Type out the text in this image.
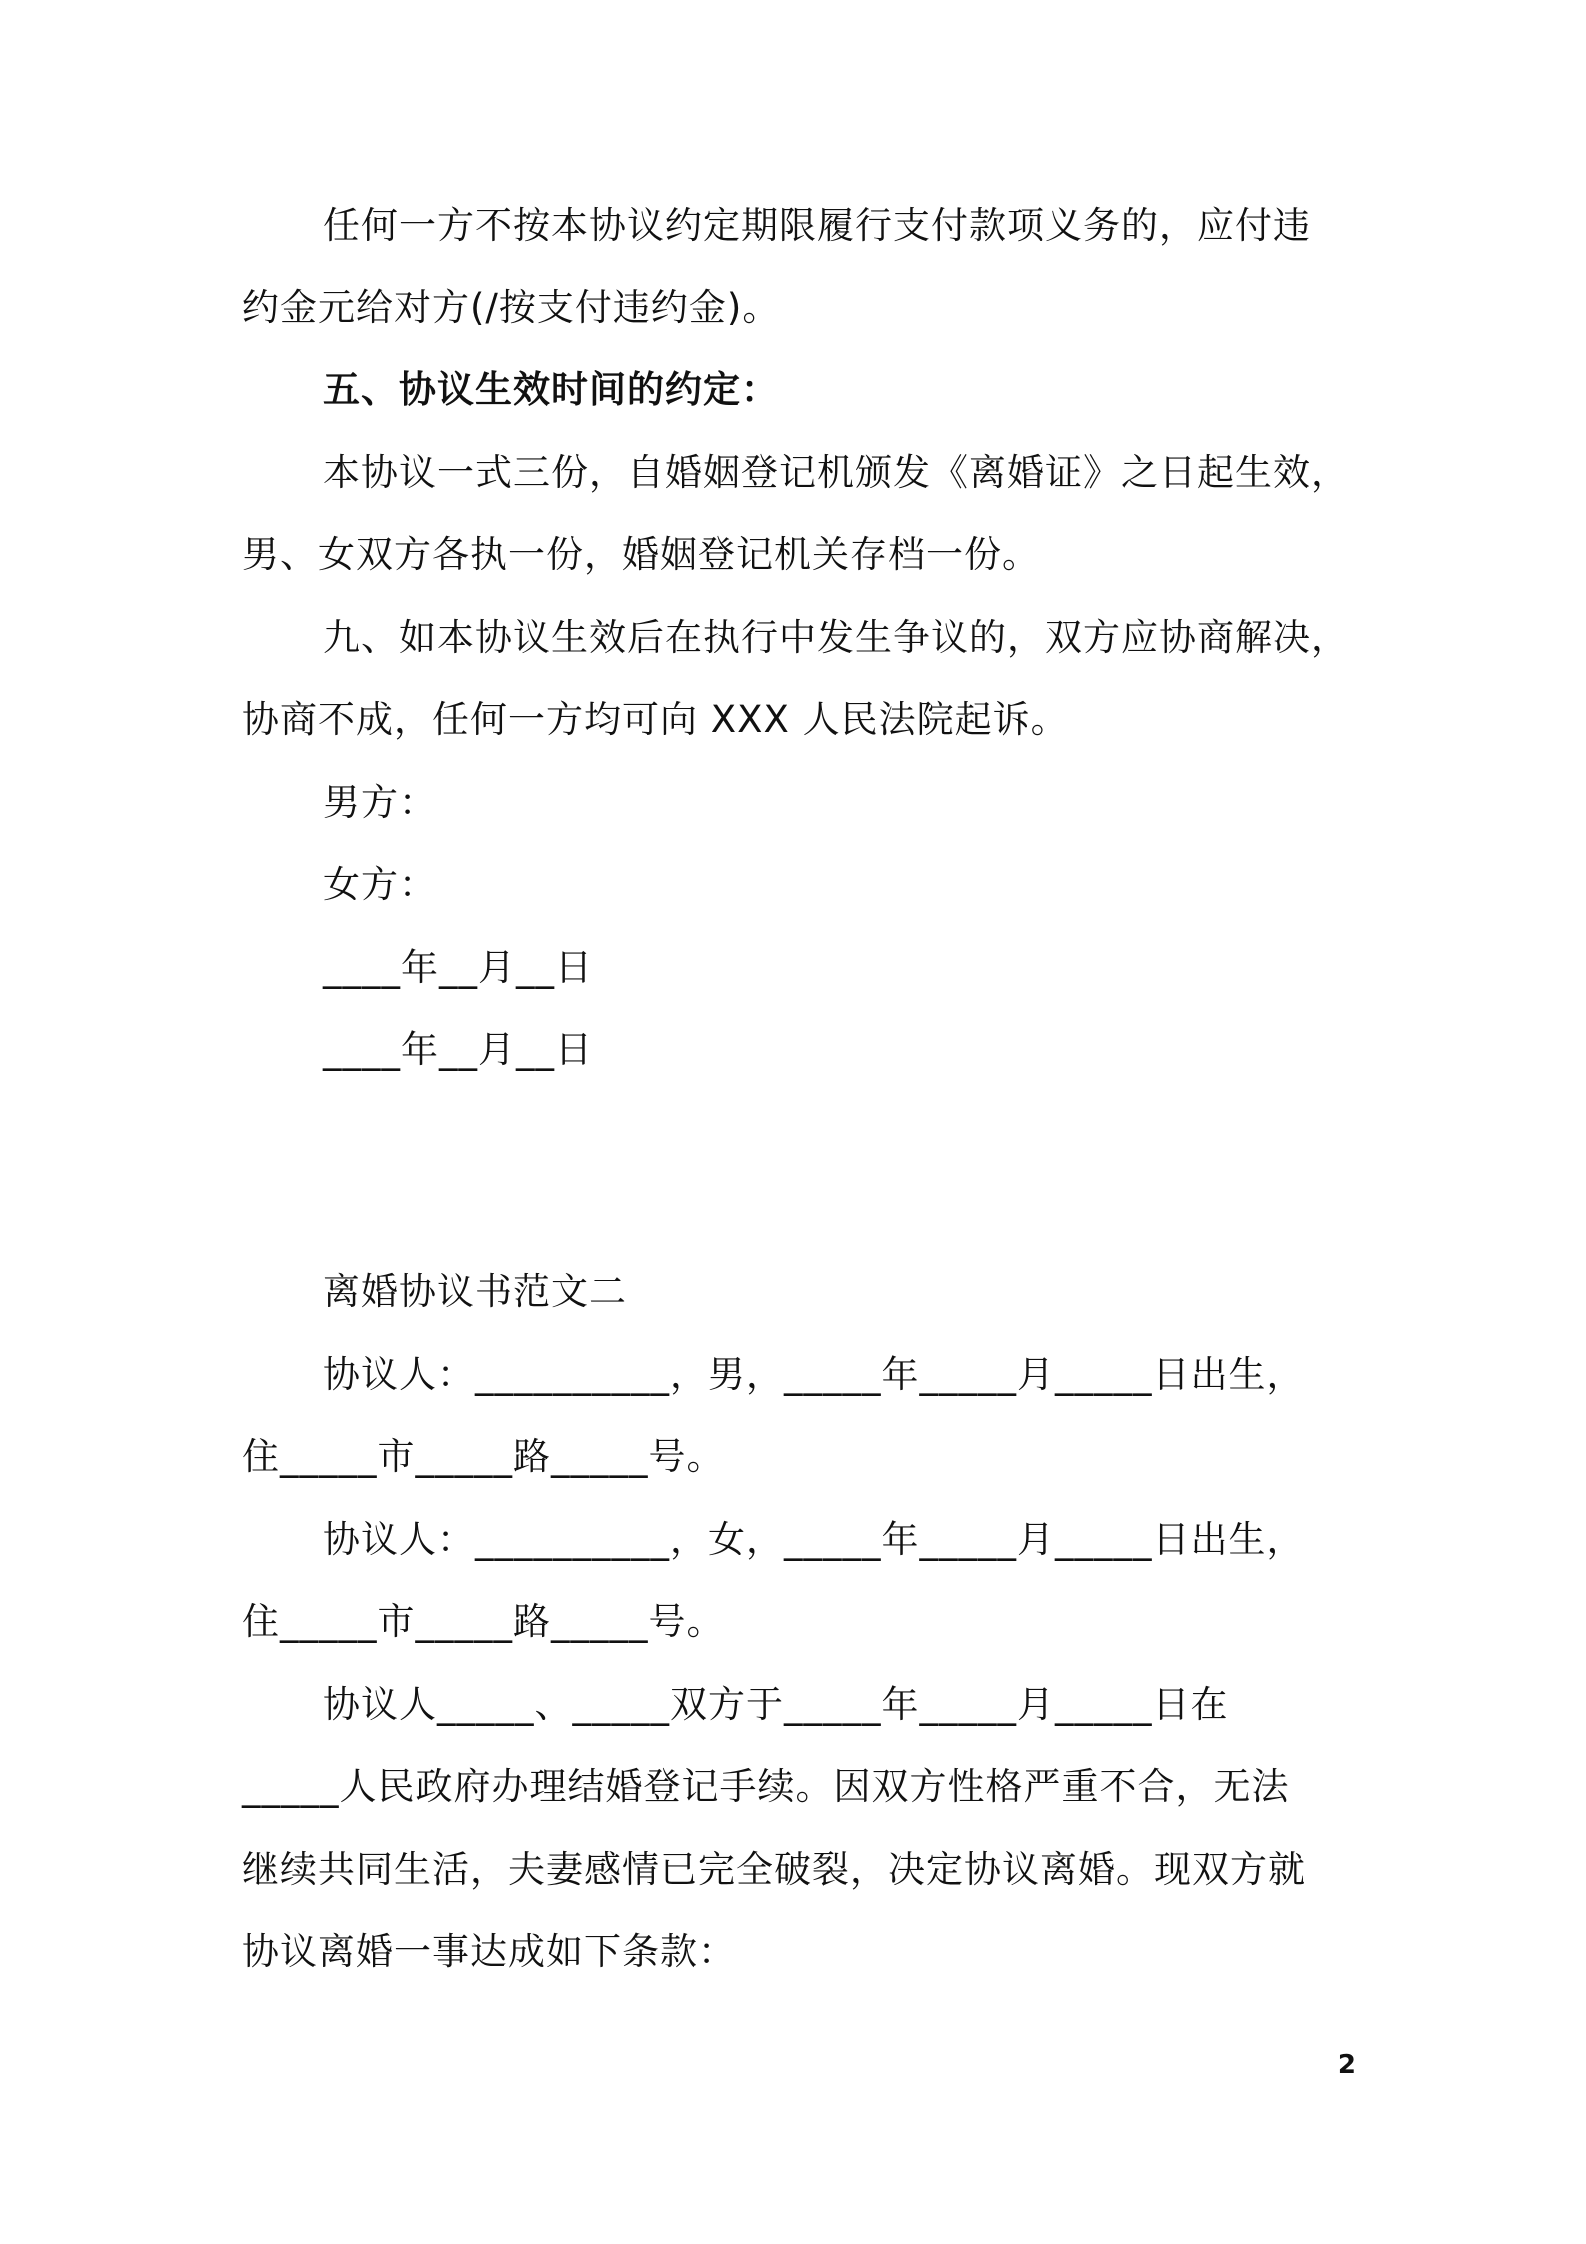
任何一方不按本协议约定期限履行支付款项义务的，应付违
约金元给对方(/按支付违约金)。
五、协议生效时间的约定：
本协议一式三份，自婚姻登记机颁发《离婚证》之日起生效，
男、女双方各执一份，婚姻登记机关存档一份。
九、如本协议生效后在执行中发生争议的，双方应协商解决，
协商不成，任何一方均可向 XXX 人民法院起诉。
男方：
女方：
____年__月__日
____年__月__日
离婚协议书范文二
协议人：__________，男，_____年_____月_____日出生，
住_____市_____路_____号。
协议人：__________，女，_____年_____月_____日出生，
住_____市_____路_____号。
协议人_____、_____双方于_____年_____月_____日在
_____人民政府办理结婚登记手续。因双方性格严重不合，无法
继续共同生活，夫妻感情已完全破裂，决定协议离婚。现双方就
协议离婚一事达成如下条款：
2
